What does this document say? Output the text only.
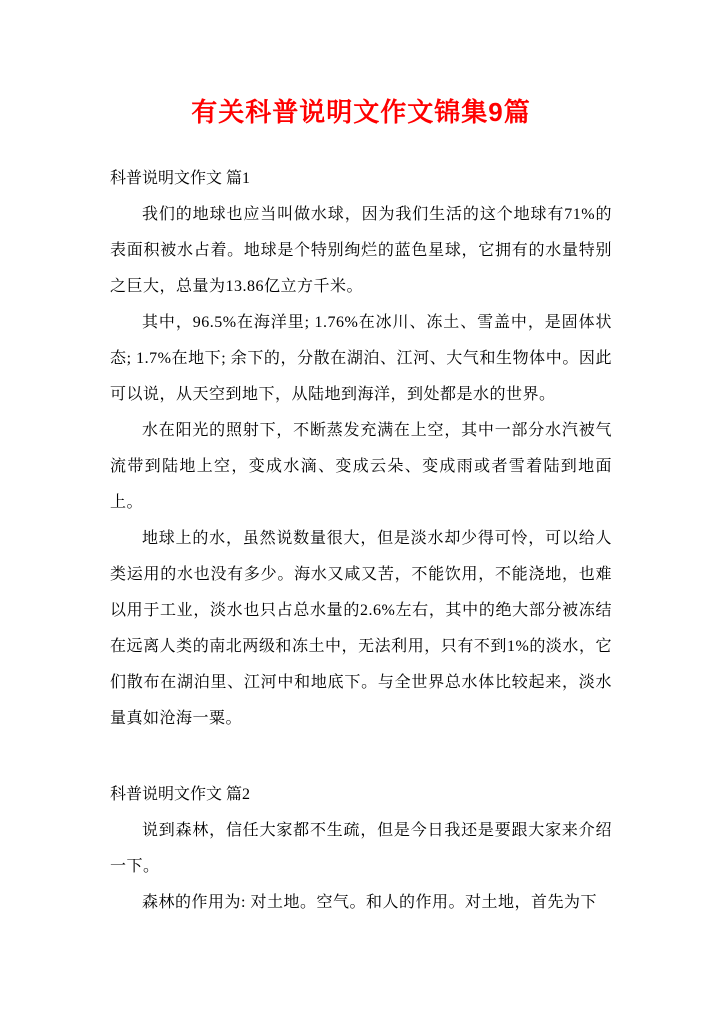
有关科普说明文作文锦集9篇

科普说明文作文 篇1

我们的地球也应当叫做水球，因为我们生活的这个地球有71%的表面积被水占着。地球是个特别绚烂的蓝色星球，它拥有的水量特别之巨大，总量为13.86亿立方千米。

其中，96.5%在海洋里; 1.76%在冰川、冻土、雪盖中，是固体状态; 1.7%在地下; 余下的，分散在湖泊、江河、大气和生物体中。因此可以说，从天空到地下，从陆地到海洋，到处都是水的世界。

水在阳光的照射下，不断蒸发充满在上空，其中一部分水汽被气流带到陆地上空，变成水滴、变成云朵、变成雨或者雪着陆到地面上。

地球上的水，虽然说数量很大，但是淡水却少得可怜，可以给人类运用的水也没有多少。海水又咸又苦，不能饮用，不能浇地，也难以用于工业，淡水也只占总水量的2.6%左右，其中的绝大部分被冻结在远离人类的南北两级和冻土中，无法利用，只有不到1%的淡水，它们散布在湖泊里、江河中和地底下。与全世界总水体比较起来，淡水量真如沧海一粟。

科普说明文作文 篇2

说到森林，信任大家都不生疏，但是今日我还是要跟大家来介绍一下。

森林的作用为: 对土地。空气。和人的作用。对土地，首先为下
